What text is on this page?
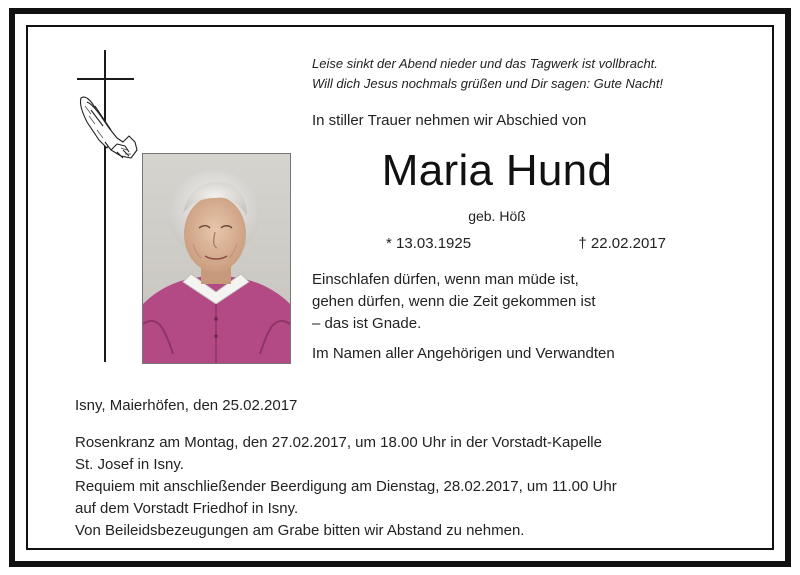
Leise sinkt der Abend nieder und das Tagwerk ist vollbracht.
Will dich Jesus nochmals grüßen und Dir sagen: Gute Nacht!
In stiller Trauer nehmen wir Abschied von
Maria Hund
geb. Höß
* 13.03.1925	† 22.02.2017
Einschlafen dürfen, wenn man müde ist,
gehen dürfen, wenn die Zeit gekommen ist
– das ist Gnade.
Im Namen aller Angehörigen und Verwandten
Isny, Maierhöfen, den 25.02.2017
Rosenkranz am Montag, den 27.02.2017, um 18.00 Uhr in der Vorstadt-Kapelle
St. Josef in Isny.
Requiem mit anschließender Beerdigung am Dienstag, 28.02.2017, um 11.00 Uhr
auf dem Vorstadt Friedhof in Isny.
Von Beileidsbezeugungen am Grabe bitten wir Abstand zu nehmen.
